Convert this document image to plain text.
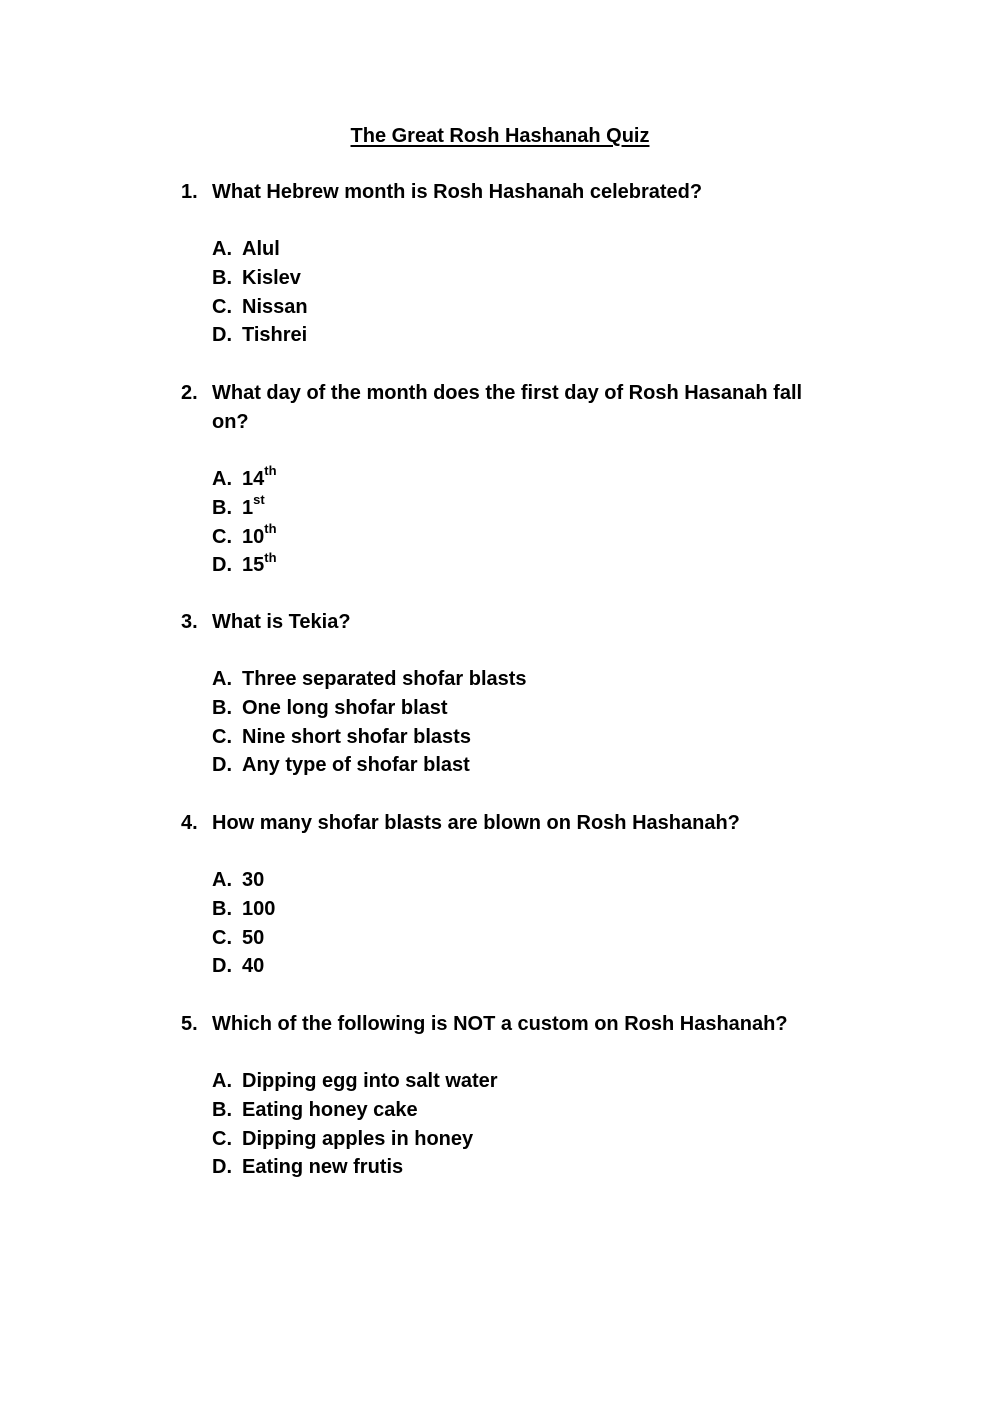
The Great Rosh Hashanah Quiz
1. What Hebrew month is Rosh Hashanah celebrated?
A. Alul
B. Kislev
C. Nissan
D. Tishrei
2. What day of the month does the first day of Rosh Hasanah fall on?
A. 14th
B. 1st
C. 10th
D. 15th
3. What is Tekia?
A. Three separated shofar blasts
B. One long shofar blast
C. Nine short shofar blasts
D. Any type of shofar blast
4. How many shofar blasts are blown on Rosh Hashanah?
A. 30
B. 100
C. 50
D. 40
5. Which of the following is NOT a custom on Rosh Hashanah?
A. Dipping egg into salt water
B. Eating honey cake
C. Dipping apples in honey
D. Eating new frutis
